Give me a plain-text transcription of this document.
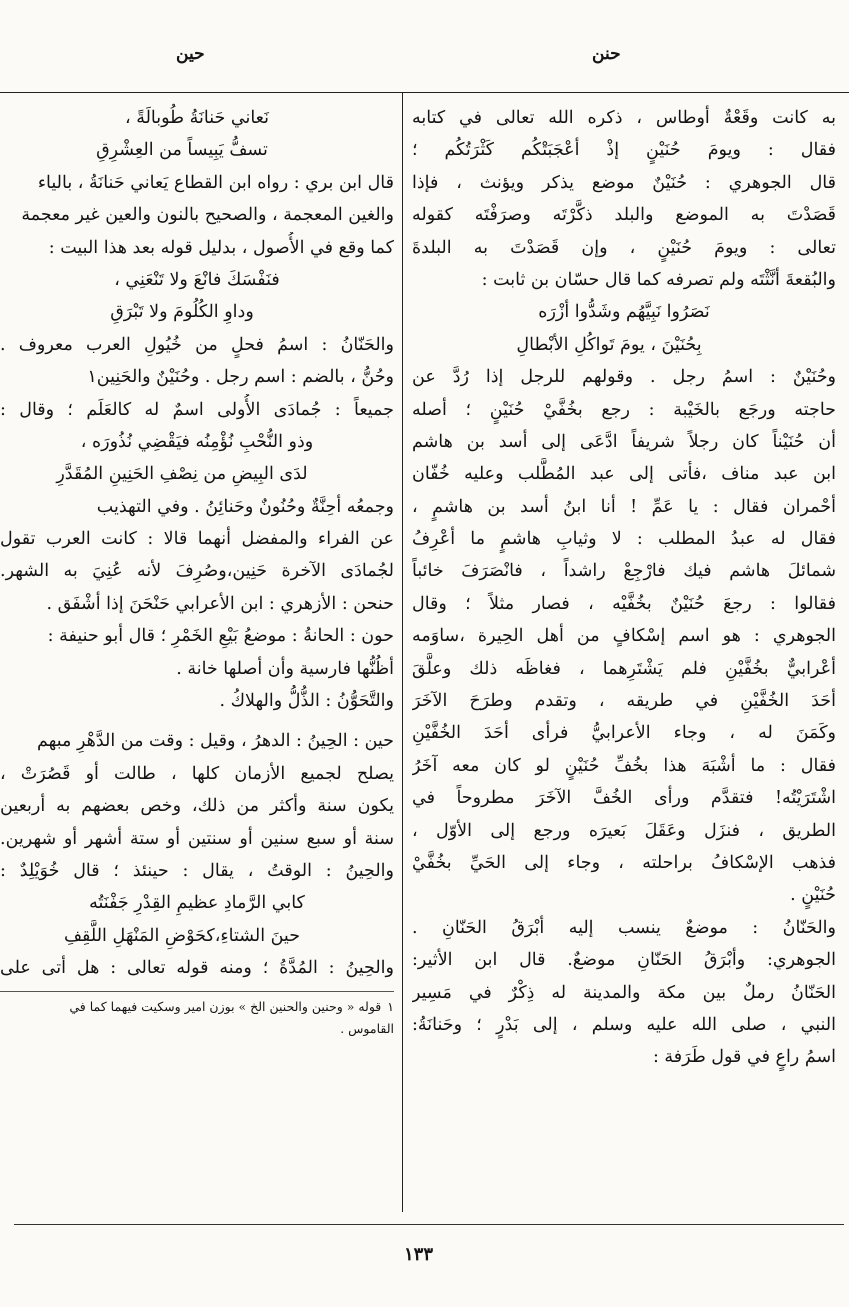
حنن
حين
به كانت وقَعْةٌ أوطاس ، ذكره الله تعالى في كتابه
فقال : ويومَ حُنَيْنٍ إذْ أعْجَبَتْكُم كَثْرَتُكُم ؛
قال الجوهري : حُنَيْنٌ موضع يذكر ويؤنث ، فإذا
قَصَدْتَ به الموضع والبلد ذكَّرْتَه وصرَفْتَه كقوله
تعالى : ويومَ حُنَيْنٍ ، وإن قَصَدْتَ به البلدةَ
والبُقعةَ أنَّثْتَه ولم تصرفه كما قال حسّان بن ثابت :
نَصَرُوا نَبِيَّهُم وشَدُّوا أزْرَه
بِحُنَيْنَ ، يومَ تَواكُلِ الأبْطالِ
وحُنَيْنٌ : اسمُ رجل . وقولهم للرجل إذا رُدَّ عن
حاجته ورجَع بالخَيْبة : رجع بخُفَّيْ حُنَيْنٍ ؛ أصله
أن حُنَيْناً كان رجلاً شريفاً ادَّعَى إلى أسد بن هاشم
ابن عبد مناف ،فأتى إلى عبد المُطَّلب وعليه خُفّان
أحْمران فقال : يا عَمِّ ! أنا ابنُ أسد بن هاشمٍ ،
فقال له عبدُ المطلب : لا وثيابِ هاشمٍ ما أعْرِفُ
شمائلَ هاشم فيك فارْجِعْ راشداً ، فانْصَرَفَ خائباً
فقالوا : رجعَ حُنَيْنٌ بخُفَّيْه ، فصار مثلاً ؛ وقال
الجوهري : هو اسم إسْكافٍ من أهل الحِيرة ،ساوَمه
أعْرابيٌّ بخُفَّيْنِ فلم يَشْتَرِهما ، فغاظَه ذلك وعلَّقَ
أحَدَ الخُفَّيْنِ في طريقه ، وتقدم وطرَحَ الآخَرَ
وكَمَنَ له ، وجاء الأعرابيُّ فرأى أحَدَ الخُفَّيْنِ
فقال : ما أشْبَهَ هذا بخُفِّ حُنَيْنٍ لو كان معه آخَرُ
اشْتَرَيْتُه! فتقدَّم ورأى الخُفَّ الآخَرَ مطروحاً في
الطريق ، فنزَل وعَقَلَ بَعيرَه ورجع إلى الأوّل ،
فذهب الإسْكافُ براحلته ، وجاء إلى الحَيِّ بخُفَّيْ
حُنَيْنٍ .
والحَنّانُ : موضعٌ ينسب إليه أبْرَقُ الحَنّانِ .
الجوهري: وأبْرَقُ الحَنّانِ موضعٌ. قال ابن الأثير:
الحَنّانُ رملٌ بين مكة والمدينة له ذِكْرٌ في مَسِير
النبي ، صلى الله عليه وسلم ، إلى بَدْرٍ ؛ وحَنانَةُ:
اسمُ راعٍ في قول طَرَفة :
نَعاني حَنانَةُ طُوبالَةً ،
تسفُّ يَبِيساً من العِشْرِقِ
قال ابن بري : رواه ابن القطاع يَعاني حَنانَةُ ، بالياء
والغين المعجمة ، والصحيح بالنون والعين غير معجمة
كما وقع في الأُصول ، بدليل قوله بعد هذا البيت :
فنَفْسَكَ فانْعَ ولا تَنْعَنِي ،
وداوِ الكُلُومَ ولا تَبْرَقِ
والحَنّانُ : اسمُ فحلٍ من خُيُولِ العرب معروف .
وحُنُّ ، بالضم : اسم رجل . وحُنَيْنٌ والحَنِين١
جميعاً : جُمادَى الأُولى اسمٌ له كالعَلَم ؛ وقال :
وذو النُّحْبِ نُؤْمِنُه فيَقْضِي نُذُورَه ،
لدَى البِيضِ من نِصْفِ الحَنِينِ المُقَدَّرِ
وجمعُه أحِنَّةٌ وحُنُونٌ وحَنائِنُ . وفي التهذيب
عن الفراء والمفضل أنهما قالا : كانت العرب تقول
لجُمادَى الآخرة حَنِين،وصُرِفَ لأنه عُنِيَ به الشهر.
حنحن : الأزهري : ابن الأعرابي حَنْحَنَ إذا أشْفَق .
حون : الحانةُ : موضعُ بَيْعِ الخَمْرِ ؛ قال أبو حنيفة :
أظُنُّها فارسية وأن أصلها خانة .
والتَّحَوُّنُ : الذُّلُّ والهلاكُ .
حين : الحِينُ : الدهرُ ، وقيل : وقت من الدَّهْرِ مبهم
يصلح لجميع الأزمان كلها ، طالت أو قَصُرَتْ ،
يكون سنة وأكثر من ذلك، وخص بعضهم به أربعين
سنة أو سبع سنين أو سنتين أو ستة أشهر أو شهرين.
والحِينُ : الوقتُ ، يقال : حينئذ ؛ قال خُوَيْلِدٌ :
كابي الرَّمادِ عظيمِ القِدْرِ جَفْنَتُه
حينَ الشتاءِ،كحَوْضِ المَنْهَلِ اللَّقِفِ
والحِينُ : المُدَّةُ ؛ ومنه قوله تعالى : هل أتى على
١قوله « وحنين والحنين الخ » بوزن امير وسكيت فيهما كما في
القاموس .
١٣٣
